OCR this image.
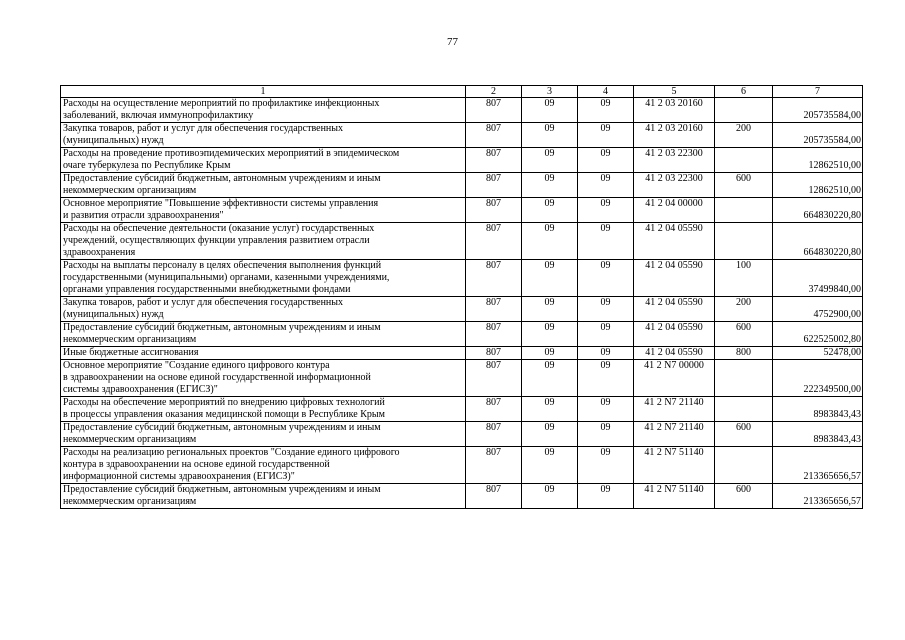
77
1	2	3	4	5	6	7
Расходы на осуществление мероприятий по профилактике инфекционных
заболеваний, включая иммунопрофилактику	807	09	09	41 2 03 20160		205735584,00
Закупка товаров, работ и услуг для обеспечения государственных
(муниципальных) нужд	807	09	09	41 2 03 20160	200	205735584,00
Расходы на проведение противоэпидемических мероприятий в эпидемическом
очаге туберкулеза по Республике Крым	807	09	09	41 2 03 22300		12862510,00
Предоставление субсидий бюджетным, автономным учреждениям и иным
некоммерческим организациям	807	09	09	41 2 03 22300	600	12862510,00
Основное мероприятие "Повышение эффективности системы управления
и развития отрасли здравоохранения"	807	09	09	41 2 04 00000		664830220,80
Расходы на обеспечение деятельности (оказание услуг) государственных
учреждений, осуществляющих функции управления развитием отрасли
здравоохранения	807	09	09	41 2 04 05590		664830220,80
Расходы на выплаты персоналу в целях обеспечения выполнения функций
государственными (муниципальными) органами, казенными учреждениями,
органами управления государственными внебюджетными фондами	807	09	09	41 2 04 05590	100	37499840,00
Закупка товаров, работ и услуг для обеспечения государственных
(муниципальных) нужд	807	09	09	41 2 04 05590	200	4752900,00
Предоставление субсидий бюджетным, автономным учреждениям и иным
некоммерческим организациям	807	09	09	41 2 04 05590	600	622525002,80
Иные бюджетные ассигнования	807	09	09	41 2 04 05590	800	52478,00
Основное мероприятие "Создание единого цифрового контура
в здравоохранении на основе единой государственной информационной
системы здравоохранения (ЕГИСЗ)"	807	09	09	41 2 N7 00000		222349500,00
Расходы на обеспечение мероприятий по внедрению цифровых технологий
в процессы управления оказания медицинской помощи в Республике Крым	807	09	09	41 2 N7 21140		8983843,43
Предоставление субсидий бюджетным, автономным учреждениям и иным
некоммерческим организациям	807	09	09	41 2 N7 21140	600	8983843,43
Расходы на реализацию региональных проектов "Создание единого цифрового
контура в здравоохранении на основе единой государственной
информационной системы здравоохранения (ЕГИСЗ)"	807	09	09	41 2 N7 51140		213365656,57
Предоставление субсидий бюджетным, автономным учреждениям и иным
некоммерческим организациям	807	09	09	41 2 N7 51140	600	213365656,57
